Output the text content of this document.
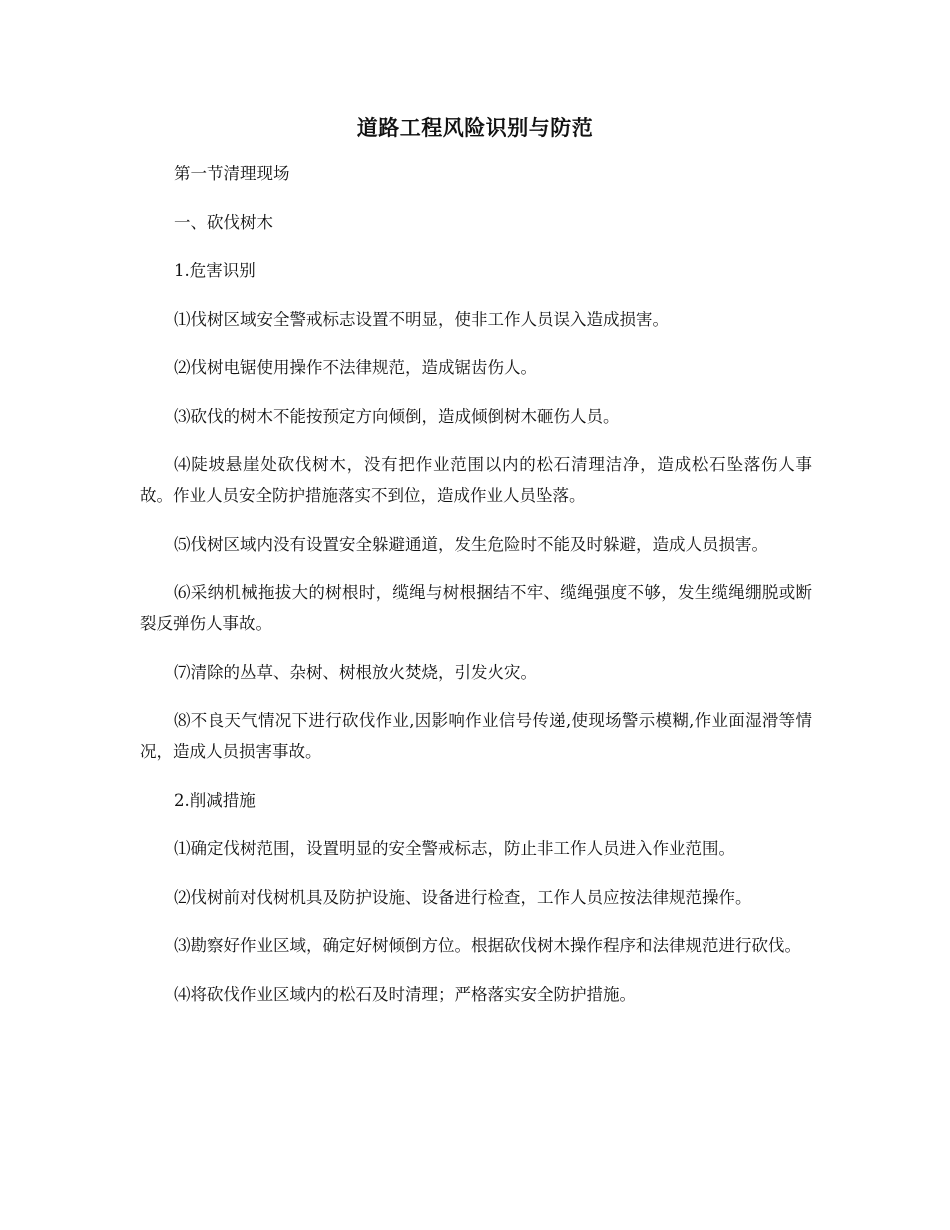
道路工程风险识别与防范

第一节清理现场

一、砍伐树木

1.危害识别

⑴伐树区域安全警戒标志设置不明显，使非工作人员误入造成损害。

⑵伐树电锯使用操作不法律规范，造成锯齿伤人。

⑶砍伐的树木不能按预定方向倾倒，造成倾倒树木砸伤人员。

⑷陡坡悬崖处砍伐树木，没有把作业范围以内的松石清理洁净，造成松石坠落伤人事故。作业人员安全防护措施落实不到位，造成作业人员坠落。

⑸伐树区域内没有设置安全躲避通道，发生危险时不能及时躲避，造成人员损害。

⑹采纳机械拖拔大的树根时，缆绳与树根捆结不牢、缆绳强度不够，发生缆绳绷脱或断裂反弹伤人事故。

⑺清除的丛草、杂树、树根放火焚烧，引发火灾。

⑻不良天气情况下进行砍伐作业,因影响作业信号传递,使现场警示模糊,作业面湿滑等情况，造成人员损害事故。

2.削减措施

⑴确定伐树范围，设置明显的安全警戒标志，防止非工作人员进入作业范围。

⑵伐树前对伐树机具及防护设施、设备进行检查，工作人员应按法律规范操作。

⑶勘察好作业区域，确定好树倾倒方位。根据砍伐树木操作程序和法律规范进行砍伐。

⑷将砍伐作业区域内的松石及时清理；严格落实安全防护措施。
